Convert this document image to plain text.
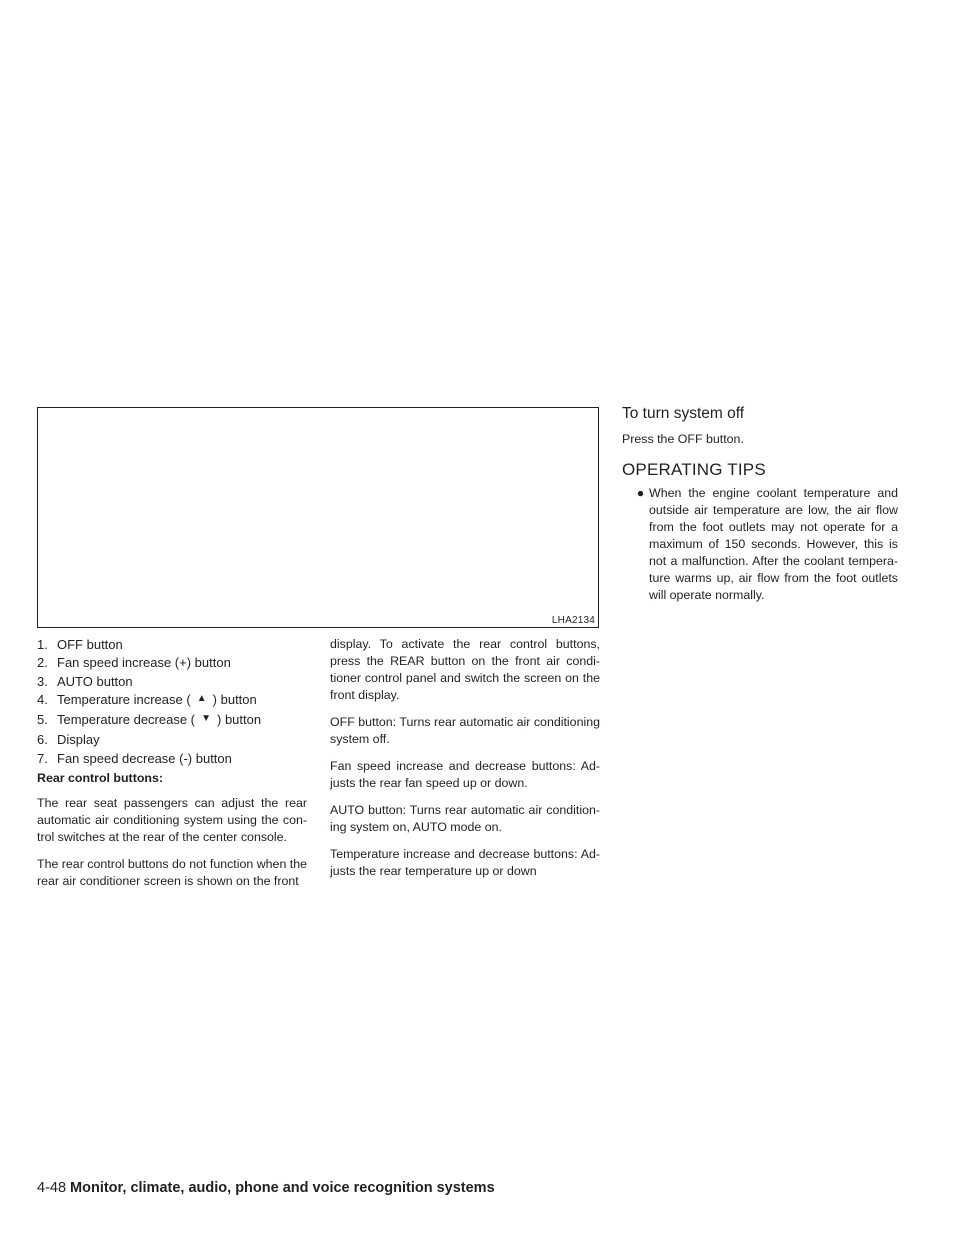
LHA2134
1. OFF button
2. Fan speed increase (+) button
3. AUTO button
4. Temperature increase ( ▲ ) button
5. Temperature decrease ( ▼ ) button
6. Display
7. Fan speed decrease (-) button
Rear control buttons:

The rear seat passengers can adjust the rear automatic air conditioning system using the con- trol switches at the rear of the center console.

The rear control buttons do not function when the rear air conditioner screen is shown on the front

display. To activate the rear control buttons, press the REAR button on the front air condi- tioner control panel and switch the screen on the front display.

OFF button: Turns rear automatic air conditioning system off.

Fan speed increase and decrease buttons: Ad- justs the rear fan speed up or down.

AUTO button: Turns rear automatic air condition- ing system on, AUTO mode on.

Temperature increase and decrease buttons: Ad- justs the rear temperature up or down

To turn system off

Press the OFF button.

OPERATING TIPS
● When the engine coolant temperature and outside air temperature are low, the air flow from the foot outlets may not operate for a maximum of 150 seconds. However, this is not a malfunction. After the coolant tempera- ture warms up, air flow from the foot outlets will operate normally.
4-48 Monitor, climate, audio, phone and voice recognition systems
